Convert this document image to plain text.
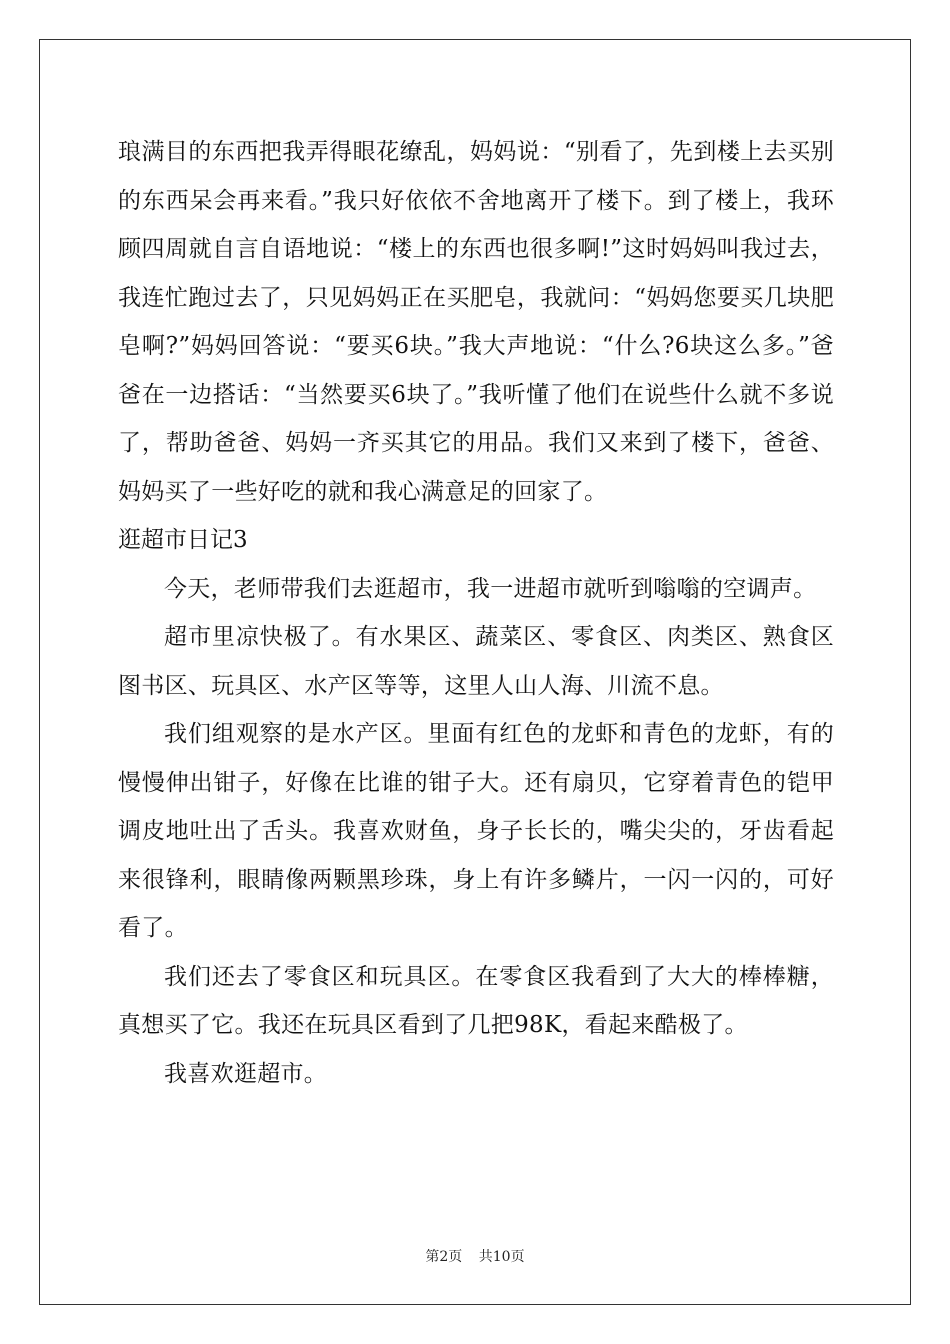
琅满目的东西把我弄得眼花缭乱，妈妈说：“别看了，先到楼上去买别的东西呆会再来看。”我只好依依不舍地离开了楼下。到了楼上，我环顾四周就自言自语地说：“楼上的东西也很多啊!”这时妈妈叫我过去，我连忙跑过去了，只见妈妈正在买肥皂，我就问：“妈妈您要买几块肥皂啊?”妈妈回答说：“要买6块。”我大声地说：“什么?6块这么多。”爸爸在一边搭话：“当然要买6块了。”我听懂了他们在说些什么就不多说了，帮助爸爸、妈妈一齐买其它的用品。我们又来到了楼下，爸爸、妈妈买了一些好吃的就和我心满意足的回家了。

逛超市日记3

今天，老师带我们去逛超市，我一进超市就听到嗡嗡的空调声。

超市里凉快极了。有水果区、蔬菜区、零食区、肉类区、熟食区图书区、玩具区、水产区等等，这里人山人海、川流不息。

我们组观察的是水产区。里面有红色的龙虾和青色的龙虾，有的慢慢伸出钳子，好像在比谁的钳子大。还有扇贝，它穿着青色的铠甲调皮地吐出了舌头。我喜欢财鱼，身子长长的，嘴尖尖的，牙齿看起来很锋利，眼睛像两颗黑珍珠，身上有许多鳞片，一闪一闪的，可好看了。

我们还去了零食区和玩具区。在零食区我看到了大大的棒棒糖，真想买了它。我还在玩具区看到了几把98K，看起来酷极了。

我喜欢逛超市。

第2页 共10页
